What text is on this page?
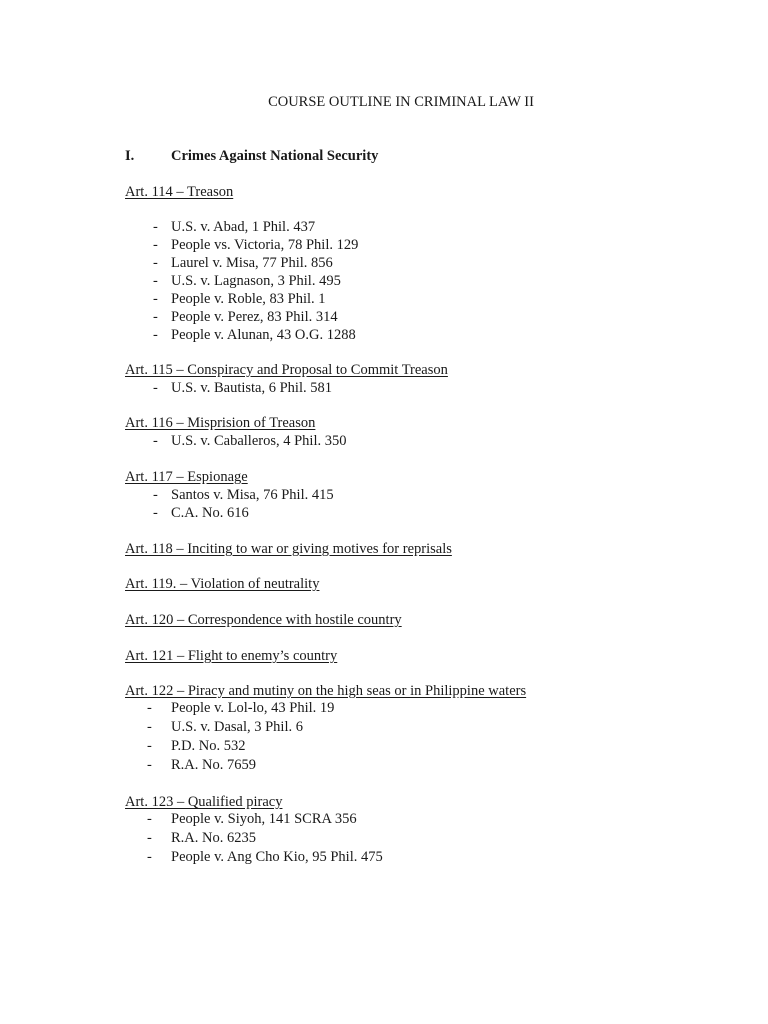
COURSE OUTLINE IN CRIMINAL LAW II
I.	Crimes Against National Security
Art. 114 – Treason
- U.S. v. Abad, 1 Phil. 437
- People vs. Victoria, 78 Phil. 129
- Laurel v. Misa, 77 Phil. 856
- U.S. v. Lagnason, 3 Phil. 495
- People v. Roble, 83 Phil. 1
- People v. Perez, 83 Phil. 314
- People v. Alunan, 43 O.G. 1288
Art. 115 – Conspiracy and Proposal to Commit Treason
- U.S. v. Bautista, 6 Phil. 581
Art. 116 – Misprision of Treason
- U.S. v. Caballeros, 4 Phil. 350
Art. 117 – Espionage
- Santos v. Misa, 76 Phil. 415
- C.A. No. 616
Art. 118 – Inciting to war or giving motives for reprisals
Art. 119. – Violation of neutrality
Art. 120 – Correspondence with hostile country
Art. 121 – Flight to enemy’s country
Art. 122 – Piracy and mutiny on the high seas or in Philippine waters
- People v. Lol-lo, 43 Phil. 19
- U.S. v. Dasal, 3 Phil. 6
- P.D. No. 532
- R.A. No. 7659
Art. 123 – Qualified piracy
- People v. Siyoh, 141 SCRA 356
- R.A. No. 6235
- People v. Ang Cho Kio, 95 Phil. 475
